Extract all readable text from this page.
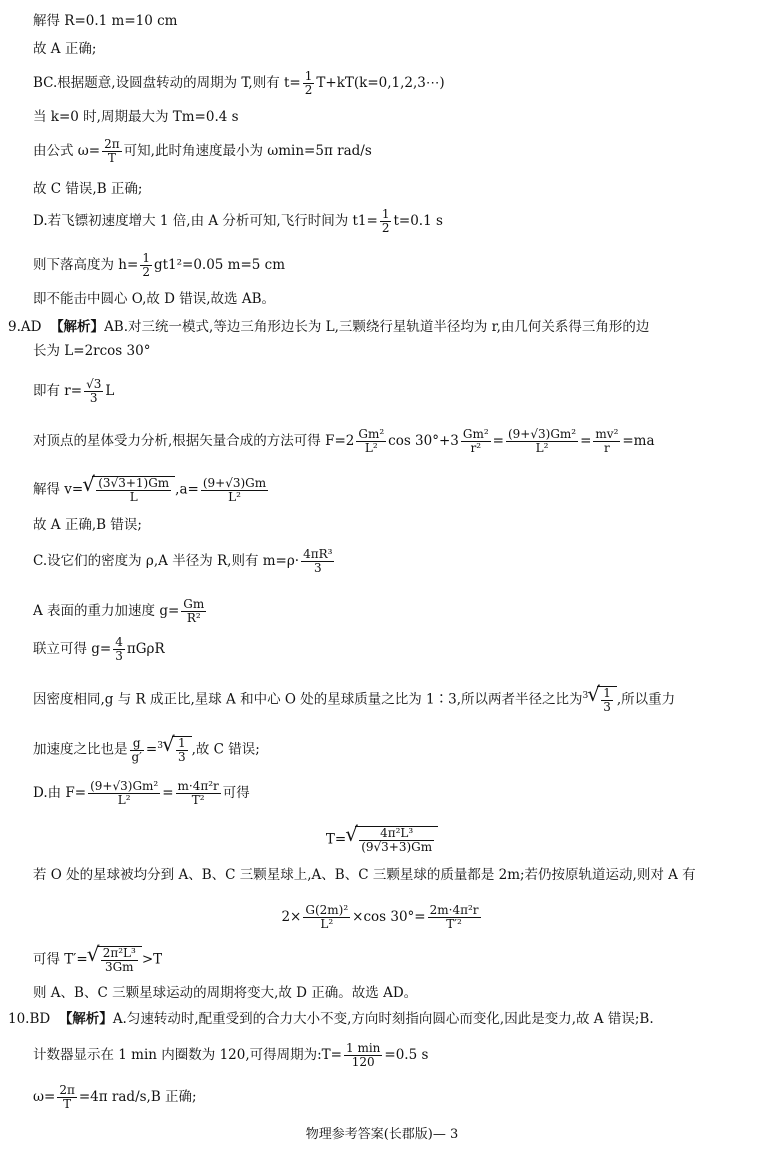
解得 R=0.1 m=10 cm
故 A 正确;
BC.根据题意,设圆盘转动的周期为 T,则有 $t= \frac{1}{2}$ T+kT(k=0,1,2,3⋯)
当 k=0 时,周期最大为 Tm=0.4 s
由公式 $\omega= \frac{2\pi}{T}$ 可知,此时角速度最小为 ωmin=5π rad/s
故 C 错误,B 正确;
D.若飞镖初速度增大 1 倍,由 A 分析可知,飞行时间为 $t1= \frac{1}{2} t=0.1$ s
则下落高度为 $h= \frac{1}{2} gt1^2=0.05$ m=5 cm
即不能击中圆心 O,故 D 错误,故选 AB。
9.AD 【解析】AB.对三统一模式,等边三角形边长为 L,三颗绕行星轨道半径均为 r,由几何关系得三角形的边
长为 L=2rcos 30°
即有 $r= \frac{√3}{3}$ L
对顶点的星体受力分析,根据矢量合成的方法可得 $F=2 \frac{\text{Gm²}}{\text{L²}}$ $\cos 30^\circ+3 \frac{\text{Gm²}}{\text{r²}} = \frac{\text{(9+√3)Gm²}}{\text{L²}} = \frac{\text{mv²}}{r} =ma$
解得 v= √ $\frac{(3√3+1)Gm}{L} ,a= \frac{(9+√3)Gm}{\text{L²}}$
故 A 正确,B 错误;
C.设它们的密度为 ρ,A 半径为 R,则有 $m=\rho\cdot \frac{\text{4πR³}}{3}$
A 表面的重力加速度 $g= \frac{Gm}{\text{R²}}$
联立可得 $g= \frac{4}{3}$ πGρR
因密度相同,g 与 R 成正比,星球 A 和中心 O 处的星球质量之比为 1∶3,所以两者半径之比为$^3$ √ $\frac{1}{3}$ ,所以重力
加速度之比也是 $\frac{g}{g'} =^3$ √ $\frac{1}{3}$ ,故 C 错误;
D.由 $F= \frac{\text{(9+√3)Gm²}}{\text{L²}} = \frac{\text{m·4π²r}}{\text{T²}}$ 可得
T= √ $\frac{\text{4π²L³}}{(9√3+3)Gm}$
若 O 处的星球被均分到 A、B、C 三颗星球上,A、B、C 三颗星球的质量都是 2m;若仍按原轨道运动,则对 A 有
$2\times \frac{\text{G(2m)²}}{\text{L²}} \times\cos$ $30^\circ= \frac{\text{2m·4π²r}}{\text{T′²}}$
可得 T′= √ $\frac{\text{2π²L³}}{3Gm} >T$
则 A、B、C 三颗星球运动的周期将变大,故 D 正确。故选 AD。
10.BD 【解析】A.匀速转动时,配重受到的合力大小不变,方向时刻指向圆心而变化,因此是变力,故 A 错误;B.
计数器显示在 1 min 内圈数为 120,可得周期为:T= $\frac{1 \min}{120} =0.5$ s
$\omega= \frac{2\pi}{T} =4\pi$ rad/s,B 正确;
物理参考答案(长郡版)— 3
